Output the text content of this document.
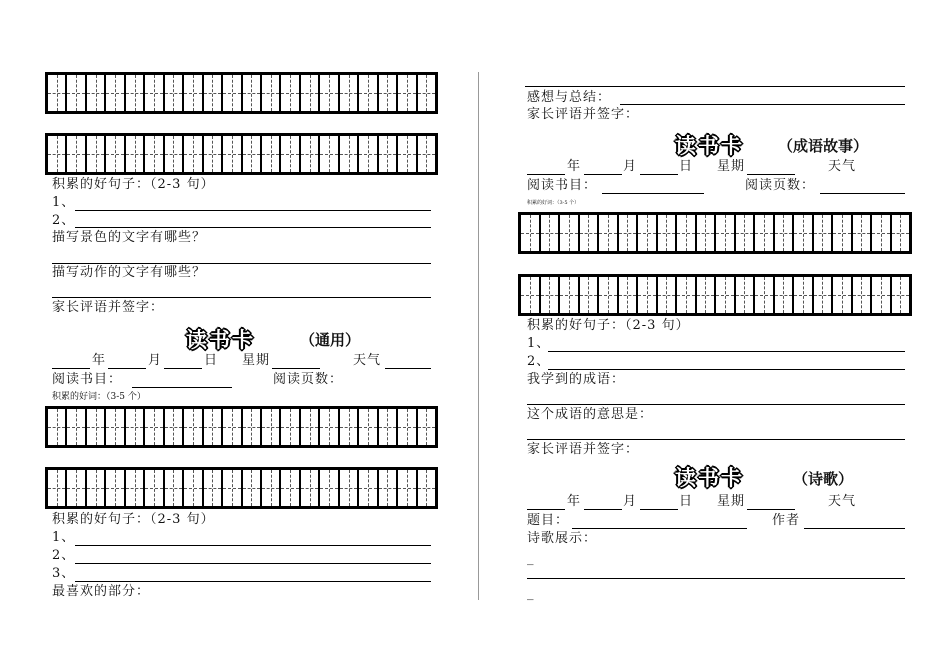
积累的好句子：（2-3 句）
1、
2、
描写景色的文字有哪些？
描写动作的文字有哪些？
家长评语并签字：
读书卡	（通用）
年	月	日 星期	天气
阅读书目：	阅读页数：
积累的好词：（3-5 个）
积累的好句子：（2-3 句）
1、
2、
3、
最喜欢的部分：
感想与总结：
家长评语并签字：
读书卡 （成语故事）
年	月	日 星期	天气
阅读书目：	阅读页数：
积累的好词：（3-5 个）
积累的好句子：（2-3 句）
1、
2、
我学到的成语：
这个成语的意思是：
家长评语并签字：
读书卡	（诗歌）
年	月	日 星期	天气
题目：	作者
诗歌展示：
_
_
